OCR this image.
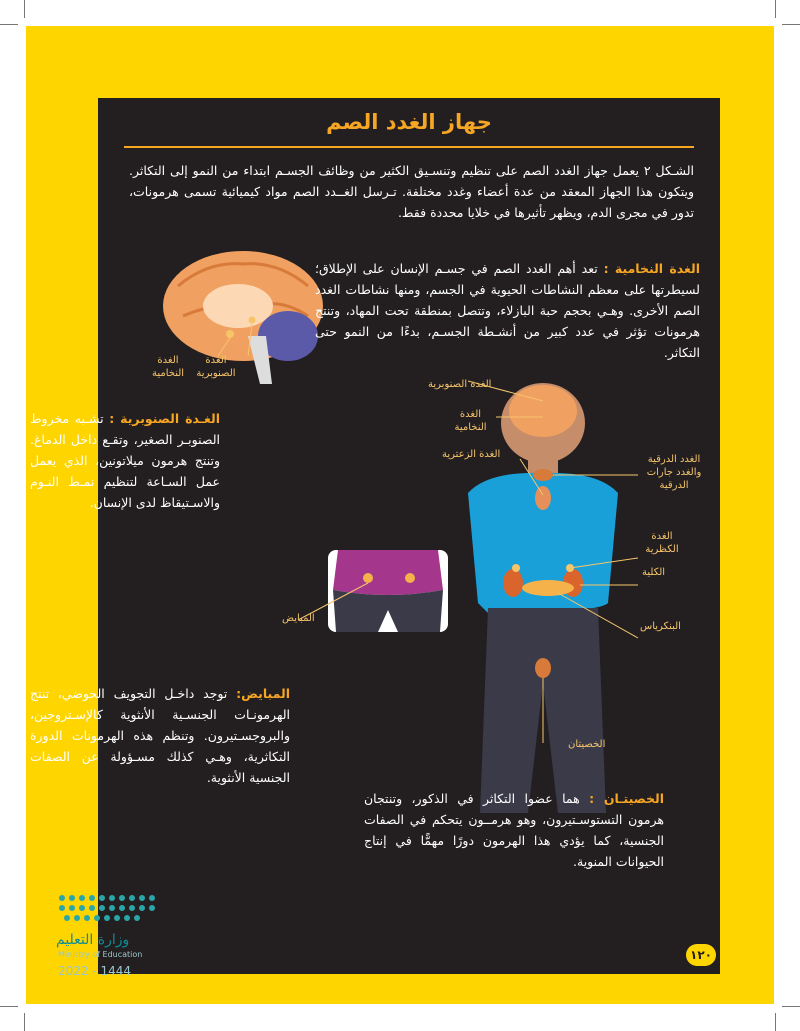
جهاز الغدد الصم
الشـكل ٢ يعمل جهاز الغدد الصم على تنظيم وتنسـيق الكثير من وظائف الجسـم ابتداء من النمو إلى التكاثر. ويتكون هذا الجهاز المعقد من عدة أعضاء وغدد مختلفة. تـرسل الغــدد الصم مواد كيميائية تسمى هرمونات، تدور في مجرى الدم، ويظهر تأثيرها في خلايا محددة فقط.
الغدة النخامية
الغدة الصنوبرية
الغدة النخامية : تعد أهم الغدد الصم في جسـم الإنسان على الإطلاق؛ لسيطرتها على معظم النشاطات الحيوية في الجسم، ومنها نشاطات الغدد الصم الأخرى. وهـي بحجم حبة البازلاء، وتتصل بمنطقة تحت المهاد، وتنتج هرمونات تؤثر في عدد كبير من أنشـطة الجسـم، بدءًا من النمو حتى التكاثر.
الغـدة الصنوبرية : تشـبه مخروط الصنوبـر الصغير، وتقـع داخل الدماغ. وتنتج هرمون ميلاتونين، الذي يعمل عمل السـاعة لتنظيم نمـط النـوم والاسـتيقاظ لدى الإنسان.
الغدة الصنوبرية
الغدة النخامية
الغدة الزعترية	الغدد الدرقية والغدد جارات الدرقية
الغدة الكظرية
الكلية
البنكرياس
الخصيتان
المبايض
المبايض: توجد داخـل التجويف الحوضي، تنتج الهرمونـات الجنسـية الأنثوية كالإسـتروجين، والبروجسـتيرون. وتنظم هذه الهرمونات الدورة التكاثرية، وهـي كذلك مسـؤولة عن الصفات الجنسية الأنثوية.
الخصيتـان : هما عضوا التكاثر في الذكور، وتنتجان هرمون التستوسـتيرون، وهو هرمــون يتحكم في الصفات الجنسية، كما يؤدي هذا الهرمون دورًا مهمًّا في إنتاج الحيوانات المنوية.
١٢٠
وزارة التعليم
Ministry of Education
2022 - 1444
